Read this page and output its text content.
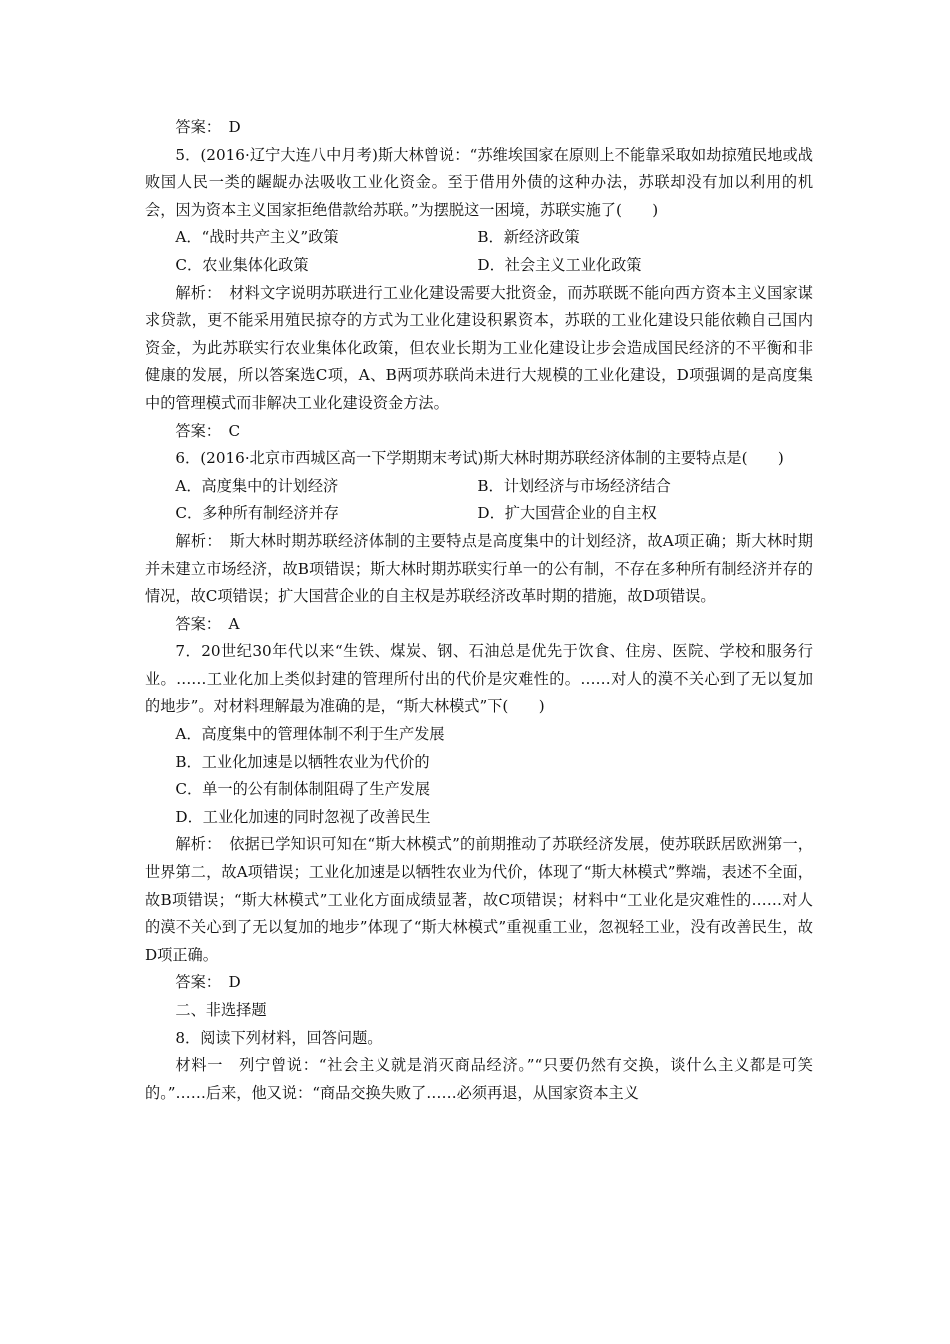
答案：　D

5．(2016·辽宁大连八中月考)斯大林曾说：“苏维埃国家在原则上不能靠采取如劫掠殖民地或战败国人民一类的龌龊办法吸收工业化资金。至于借用外债的这种办法，苏联却没有加以利用的机会，因为资本主义国家拒绝借款给苏联。”为摆脱这一困境，苏联实施了(　　)

A．“战时共产主义”政策	B．新经济政策
C．农业集体化政策	D．社会主义工业化政策

解析：　材料文字说明苏联进行工业化建设需要大批资金，而苏联既不能向西方资本主义国家谋求贷款，更不能采用殖民掠夺的方式为工业化建设积累资本，苏联的工业化建设只能依赖自己国内资金，为此苏联实行农业集体化政策，但农业长期为工业化建设让步会造成国民经济的不平衡和非健康的发展，所以答案选C项，A、B两项苏联尚未进行大规模的工业化建设，D项强调的是高度集中的管理模式而非解决工业化建设资金方法。

答案：　C

6．(2016·北京市西城区高一下学期期末考试)斯大林时期苏联经济体制的主要特点是(　　)

A．高度集中的计划经济	B．计划经济与市场经济结合
C．多种所有制经济并存	D．扩大国营企业的自主权

解析：　斯大林时期苏联经济体制的主要特点是高度集中的计划经济，故A项正确；斯大林时期并未建立市场经济，故B项错误；斯大林时期苏联实行单一的公有制，不存在多种所有制经济并存的情况，故C项错误；扩大国营企业的自主权是苏联经济改革时期的措施，故D项错误。

答案：　A

7．20世纪30年代以来“生铁、煤炭、钢、石油总是优先于饮食、住房、医院、学校和服务行业。……工业化加上类似封建的管理所付出的代价是灾难性的。……对人的漠不关心到了无以复加的地步”。对材料理解最为准确的是，“斯大林模式”下(　　)

A．高度集中的管理体制不利于生产发展
B．工业化加速是以牺牲农业为代价的
C．单一的公有制体制阻碍了生产发展
D．工业化加速的同时忽视了改善民生

解析：　依据已学知识可知在“斯大林模式”的前期推动了苏联经济发展，使苏联跃居欧洲第一，世界第二，故A项错误；工业化加速是以牺牲农业为代价，体现了“斯大林模式”弊端，表述不全面，故B项错误；“斯大林模式”工业化方面成绩显著，故C项错误；材料中“工业化是灾难性的……对人的漠不关心到了无以复加的地步”体现了“斯大林模式”重视重工业，忽视轻工业，没有改善民生，故D项正确。

答案：　D

二、非选择题

8．阅读下列材料，回答问题。

材料一　列宁曾说：“社会主义就是消灭商品经济。”“只要仍然有交换，谈什么主义都是可笑的。”……后来，他又说：“商品交换失败了……必须再退，从国家资本主义
